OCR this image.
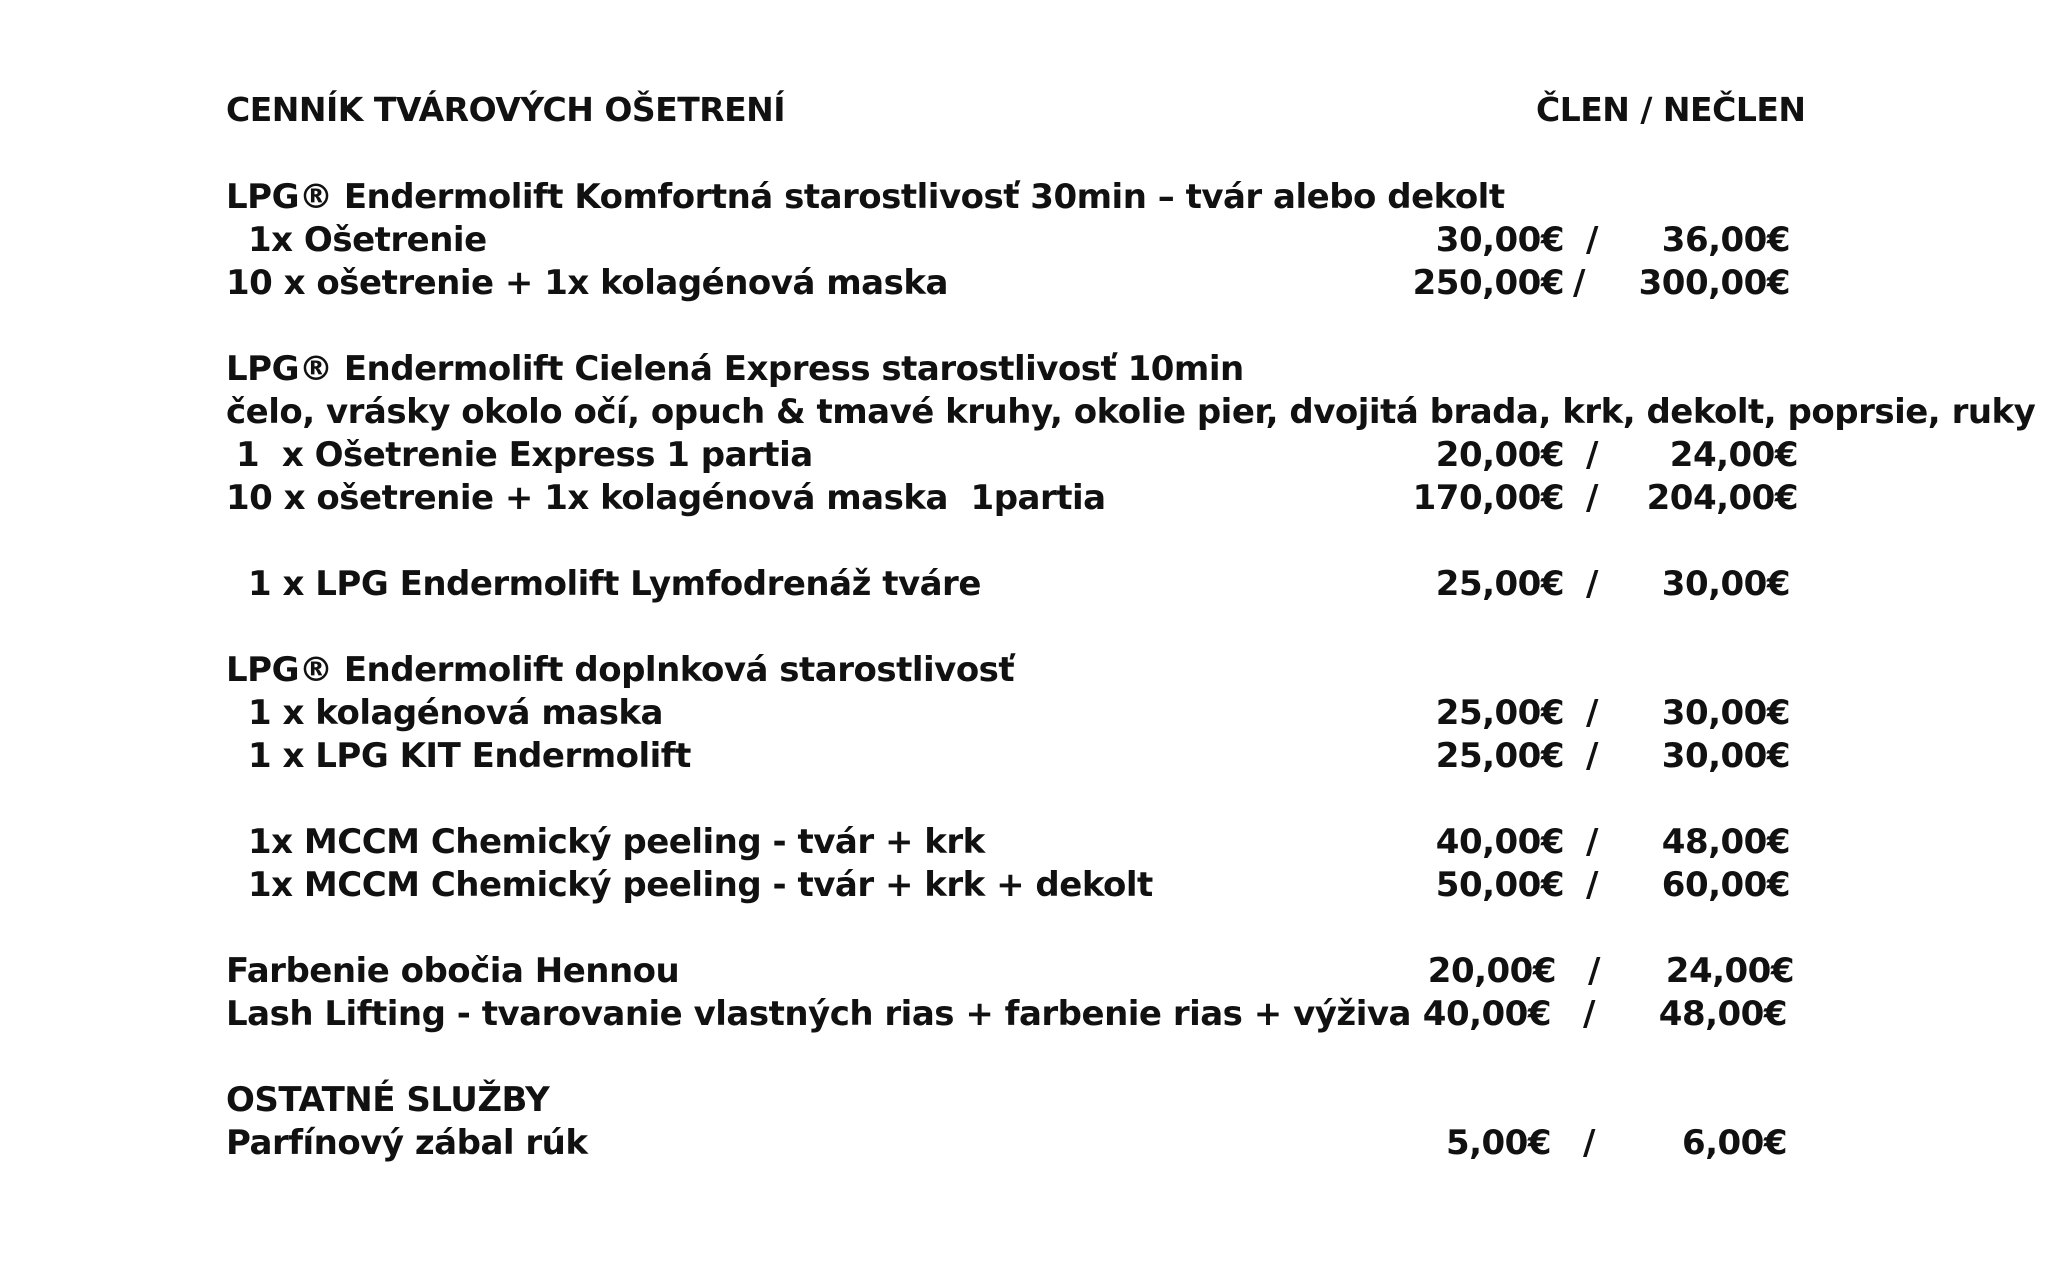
CENNÍK TVÁROVÝCH OŠETRENÍ	ČLEN / NEČLEN
LPG® Endermolift Komfortná starostlivosť 30min – tvár alebo dekolt
1x Ošetrenie	30,00€ /	36,00€
10 x ošetrenie + 1x kolagénová maska	250,00€ /	300,00€
LPG® Endermolift Cielená Express starostlivosť 10min
čelo, vrásky okolo očí, opuch & tmavé kruhy, okolie pier, dvojitá brada, krk, dekolt, poprsie, ruky
1  x Ošetrenie Express 1 partia	20,00€ /	24,00€
10 x ošetrenie + 1x kolagénová maska  1partia	170,00€ /	204,00€
1 x LPG Endermolift Lymfodrenáž tváre	25,00€ /	30,00€
LPG® Endermolift doplnková starostlivosť
1 x kolagénová maska	25,00€ /	30,00€
1 x LPG KIT Endermolift	25,00€ /	30,00€
1x MCCM Chemický peeling - tvár + krk	40,00€ /	48,00€
1x MCCM Chemický peeling - tvár + krk + dekolt	50,00€ /	60,00€
Farbenie obočia Hennou	20,00€ /	24,00€
Lash Lifting - tvarovanie vlastných rias + farbenie rias + výživa 40,00€ /	48,00€
OSTATNÉ SLUŽBY
Parfínový zábal rúk	5,00€ /	6,00€
